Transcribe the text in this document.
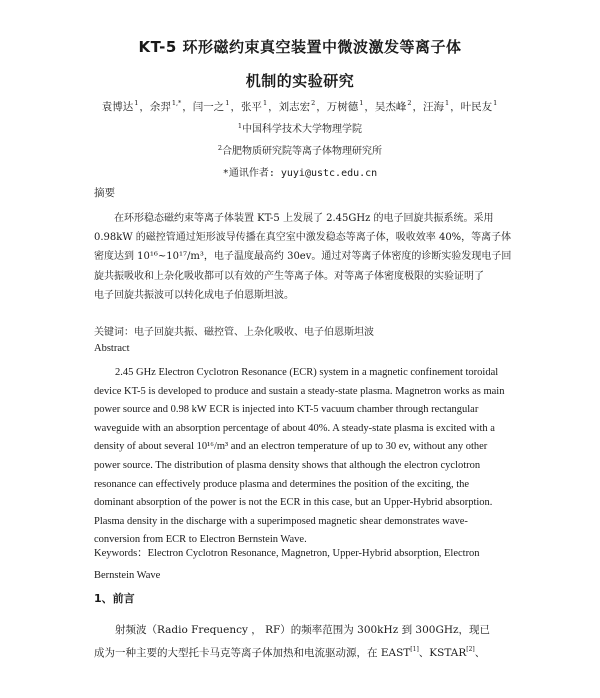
KT-5 环形磁约束真空装置中微波激发等离子体
机制的实验研究
袁博达$^1$，余羿$^{1,*}$，闫一之$^1$，张平$^1$，刘志宏$^2$，万树德$^1$，吴杰峰$^2$，汪海$^1$，叶民友$^1$
$^1$中国科学技术大学物理学院
$^2$合肥物质研究院等离子体物理研究所
*通讯作者: yuyi@ustc.edu.cn
摘要
　　在环形稳态磁约束等离子体装置 KT-5 上发展了 2.45GHz 的电子回旋共振系统。采用
0.98kW 的磁控管通过矩形波导传播在真空室中激发稳态等离子体，吸收效率 40%，等离子体
密度达到 10¹⁶~10¹⁷/m³，电子温度最高约 30ev。通过对等离子体密度的诊断实验发现电子回
旋共振吸收和上杂化吸收都可以有效的产生等离子体。对等离子体密度极限的实验证明了
电子回旋共振波可以转化成电子伯恩斯坦波。
关键词：电子回旋共振、磁控管、上杂化吸收、电子伯恩斯坦波
Abstract
　　2.45 GHz Electron Cyclotron Resonance (ECR) system in a magnetic confinement toroidal
device KT-5 is developed to produce and sustain a steady-state plasma. Magnetron works as main
power source and 0.98 kW ECR is injected into KT-5 vacuum chamber through rectangular
waveguide with an absorption percentage of about 40%. A steady-state plasma is excited with a
density of about several 10¹⁶/m³ and an electron temperature of up to 30 ev, without any other
power source. The distribution of plasma density shows that although the electron cyclotron
resonance can effectively produce plasma and determines the position of the exciting, the
dominant absorption of the power is not the ECR in this case, but an Upper-Hybrid absorption.
Plasma density in the discharge with a superimposed magnetic shear demonstrates wave-
conversion from ECR to Electron Bernstein Wave.
Keywords：Electron Cyclotron Resonance, Magnetron, Upper-Hybrid absorption, Electron
Bernstein Wave
1、前言
　　射频波（Radio Frequency ， RF）的频率范围为 300kHz 到 300GHz，现已
成为一种主要的大型托卡马克等离子体加热和电流驱动源，在 EAST[1]、KSTAR[2]、
